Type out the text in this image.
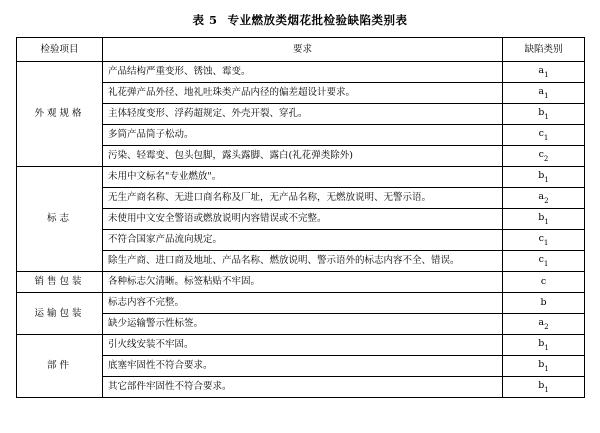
表 5 专业燃放类烟花批检验缺陷类别表
检验项目	要求	缺陷类别
外观规格	产品结构严重变形、锈蚀、霉变。	$a_1$
	礼花弹产品外径、地礼吐珠类产品内径的偏差超设计要求。	$a_1$
	主体轻度变形、浮药超规定、外壳开裂、穿孔。	$b_1$
	多筒产品筒子松动。	$c_1$
	污染、轻霉变、包头包脚，露头露脚、露白(礼花弹类除外)	$c_2$
标志	未用中文标名"专业燃放"。	$b_1$
	无生产商名称、无进口商名称及厂址，无产品名称，无燃放说明、无警示语。	$a_2$
	未使用中文安全警语或燃放说明内容错误或不完整。	$b_1$
	不符合国家产品流向规定。	$c_1$
	除生产商、进口商及地址、产品名称、燃放说明、警示语外的标志内容不全、错误。	$c_1$
销售包装	各种标志欠清晰。标签粘贴不牢固。	c
运输包装	标志内容不完整。	b
	缺少运输警示性标签。	$a_2$
部件	引火线安装不牢固。	$b_1$
	底塞牢固性不符合要求。	$b_1$
	其它部件牢固性不符合要求。	$b_1$
